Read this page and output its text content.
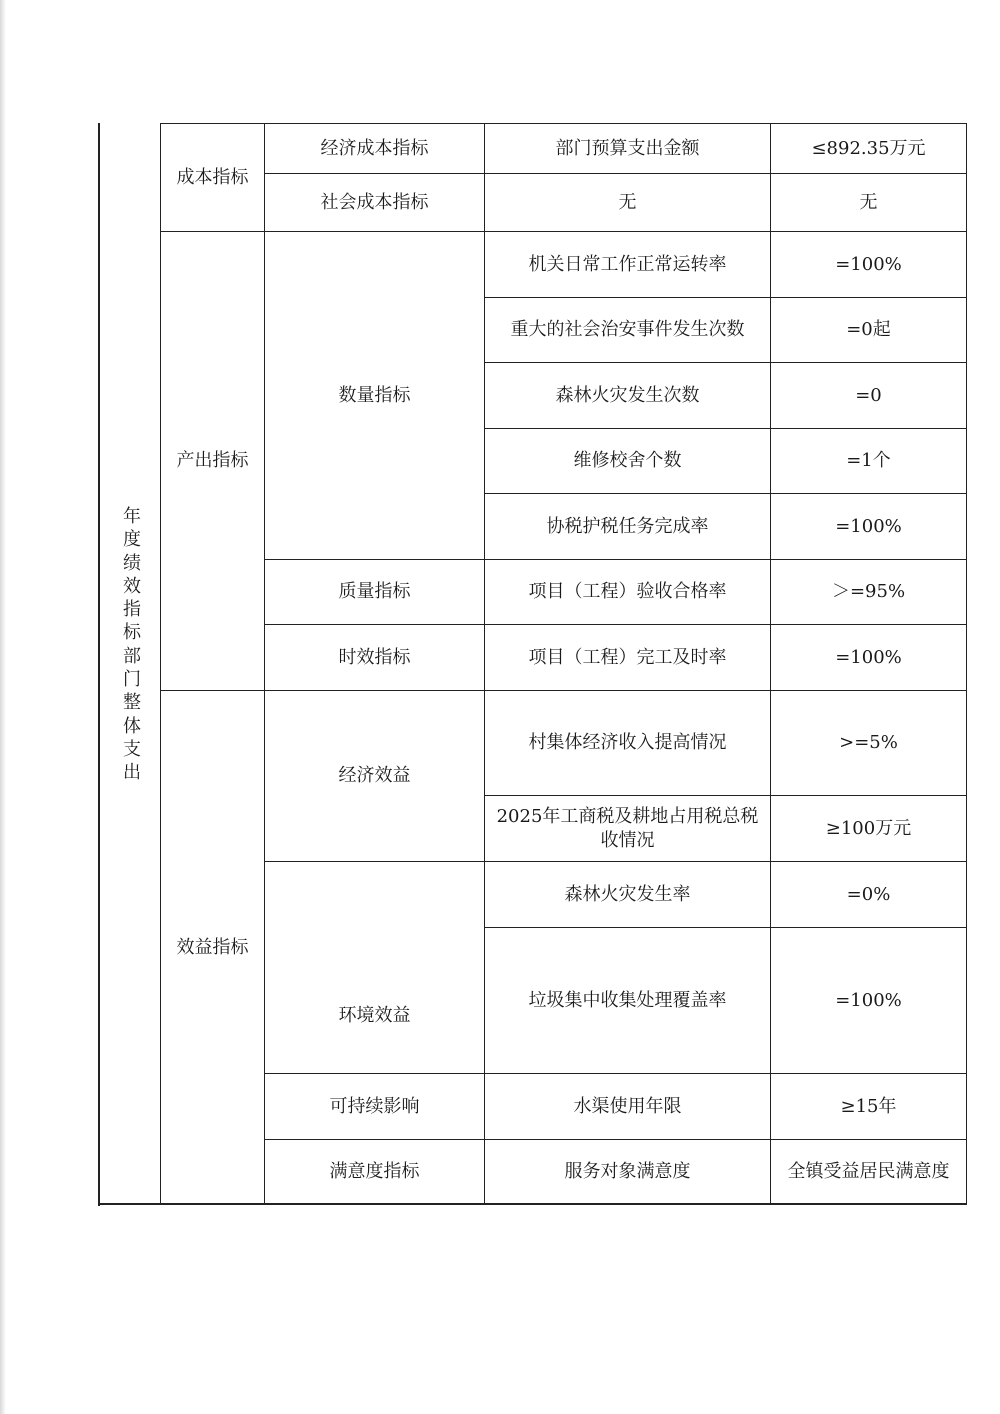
年度绩效指标部门整体支出
成本指标	经济成本指标	部门预算支出金额	≤892.35万元	
	社会成本指标	无	无	
产出指标	数量指标	机关日常工作正常运转率	=100%	
		重大的社会治安事件发生次数	=0起	
		森林火灾发生次数	=0	
		维修校舍个数	=1个	
		协税护税任务完成率	=100%	
	质量指标	项目（工程）验收合格率	＞=95%	
	时效指标	项目（工程）完工及时率	=100%	
效益指标	经济效益	村集体经济收入提高情况	>=5%	
		2025年工商税及耕地占用税总税收情况	≥100万元	

	环境效益	森林火灾发生率	=0%	
		垃圾集中收集处理覆盖率	=100%	
	可持续影响	水渠使用年限	≥15年	
	满意度指标	服务对象满意度	全镇受益居民满意度	
